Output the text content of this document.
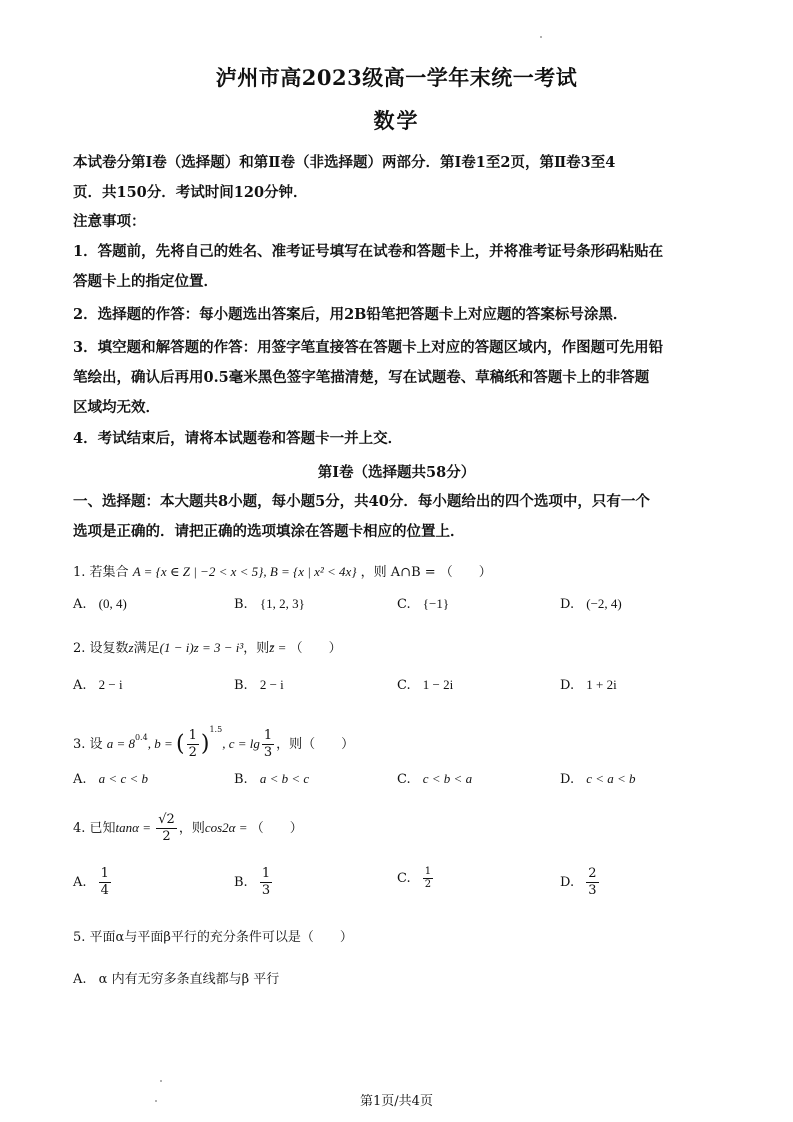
泸州市高2023级高一学年末统一考试
数学
本试卷分第Ⅰ卷（选择题）和第Ⅱ卷（非选择题）两部分．第Ⅰ卷1至2页，第Ⅱ卷3至4
页．共150分．考试时间120分钟．
注意事项：
1．答题前，先将自己的姓名、准考证号填写在试卷和答题卡上，并将准考证号条形码粘贴在
答题卡上的指定位置．
2．选择题的作答：每小题选出答案后，用2B铅笔把答题卡上对应题的答案标号涂黑．
3．填空题和解答题的作答：用签字笔直接答在答题卡上对应的答题区域内，作图题可先用铅
笔绘出，确认后再用0.5毫米黑色签字笔描清楚，写在试题卷、草稿纸和答题卡上的非答题
区域均无效．
4．考试结束后，请将本试题卷和答题卡一并上交．
第Ⅰ卷（选择题共58分）
一、选择题：本大题共8小题，每小题5分，共40分．每小题给出的四个选项中，只有一个
选项是正确的．请把正确的选项填涂在答题卡相应的位置上．
1. 若集合 A = {x ∈ Z | −2 < x < 5}, B = {x | x² < 4x} ，则 A∩B = （　　）
A. (0, 4)	B. {1, 2, 3}	C. {−1}	D. (−2, 4)
2. 设复数z满足(1 − i)z = 3 − i³，则z̄ = （　　）
A. 2 − i	B. 2 − i	C. 1 − 2i	D. 1 + 2i
3. 设 $a = 8^{0.4}$, b = ( $\frac{1}{2} )^{1.5}$, $c = \lg \frac{1}{3}$ ，则（　　）
A. a < c < b	B. a < b < c	C. c < b < a	D. c < a < b
4. 已知$\tan\alpha = \frac{√2}{2}$ ，则cos2α = （　　）
A. $\frac{1}{4}$	B. $\frac{1}{3}$	C. $\frac{1}{2}$	D. $\frac{2}{3}$
5. 平面α与平面β平行的充分条件可以是（　　）
A. α 内有无穷多条直线都与β 平行
第1页/共4页
